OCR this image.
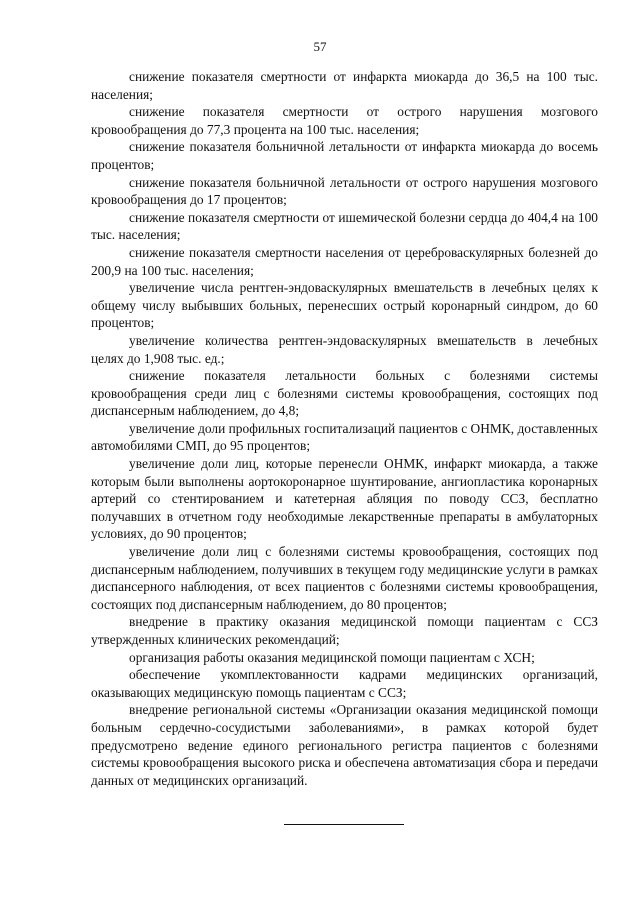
57

снижение показателя смертности от инфаркта миокарда до 36,5 на 100 тыс. населения;

снижение показателя смертности от острого нарушения мозгового кровообращения до 77,3 процента на 100 тыс. населения;

снижение показателя больничной летальности от инфаркта миокарда до восемь процентов;

снижение показателя больничной летальности от острого нарушения мозгового кровообращения до 17 процентов;

снижение показателя смертности от ишемической болезни сердца до 404,4 на 100 тыс. населения;

снижение показателя смертности населения от цереброваскулярных болезней до 200,9 на 100 тыс. населения;

увеличение числа рентген-эндоваскулярных вмешательств в лечебных целях к общему числу выбывших больных, перенесших острый коронарный синдром, до 60 процентов;

увеличение количества рентген-эндоваскулярных вмешательств в лечебных целях до 1,908 тыс. ед.;

снижение показателя летальности больных с болезнями системы кровообращения среди лиц с болезнями системы кровообращения, состоящих под диспансерным наблюдением, до 4,8;

увеличение доли профильных госпитализаций пациентов с ОНМК, доставленных автомобилями СМП, до 95 процентов;

увеличение доли лиц, которые перенесли ОНМК, инфаркт миокарда, а также которым были выполнены аортокоронарное шунтирование, ангиопластика коронарных артерий со стентированием и катетерная абляция по поводу ССЗ, бесплатно получавших в отчетном году необходимые лекарственные препараты в амбулаторных условиях, до 90 процентов;

увеличение доли лиц с болезнями системы кровообращения, состоящих под диспансерным наблюдением, получивших в текущем году медицинские услуги в рамках диспансерного наблюдения, от всех пациентов с болезнями системы кровообращения, состоящих под диспансерным наблюдением, до 80 процентов;

внедрение в практику оказания медицинской помощи пациентам с ССЗ утвержденных клинических рекомендаций;

организация работы оказания медицинской помощи пациентам с ХСН;

обеспечение укомплектованности кадрами медицинских организаций, оказывающих медицинскую помощь пациентам с ССЗ;

внедрение региональной системы «Организации оказания медицинской помощи больным сердечно-сосудистыми заболеваниями», в рамках которой будет предусмотрено ведение единого регионального регистра пациентов с болезнями системы кровообращения высокого риска и обеспечена автоматизация сбора и передачи данных от медицинских организаций.
